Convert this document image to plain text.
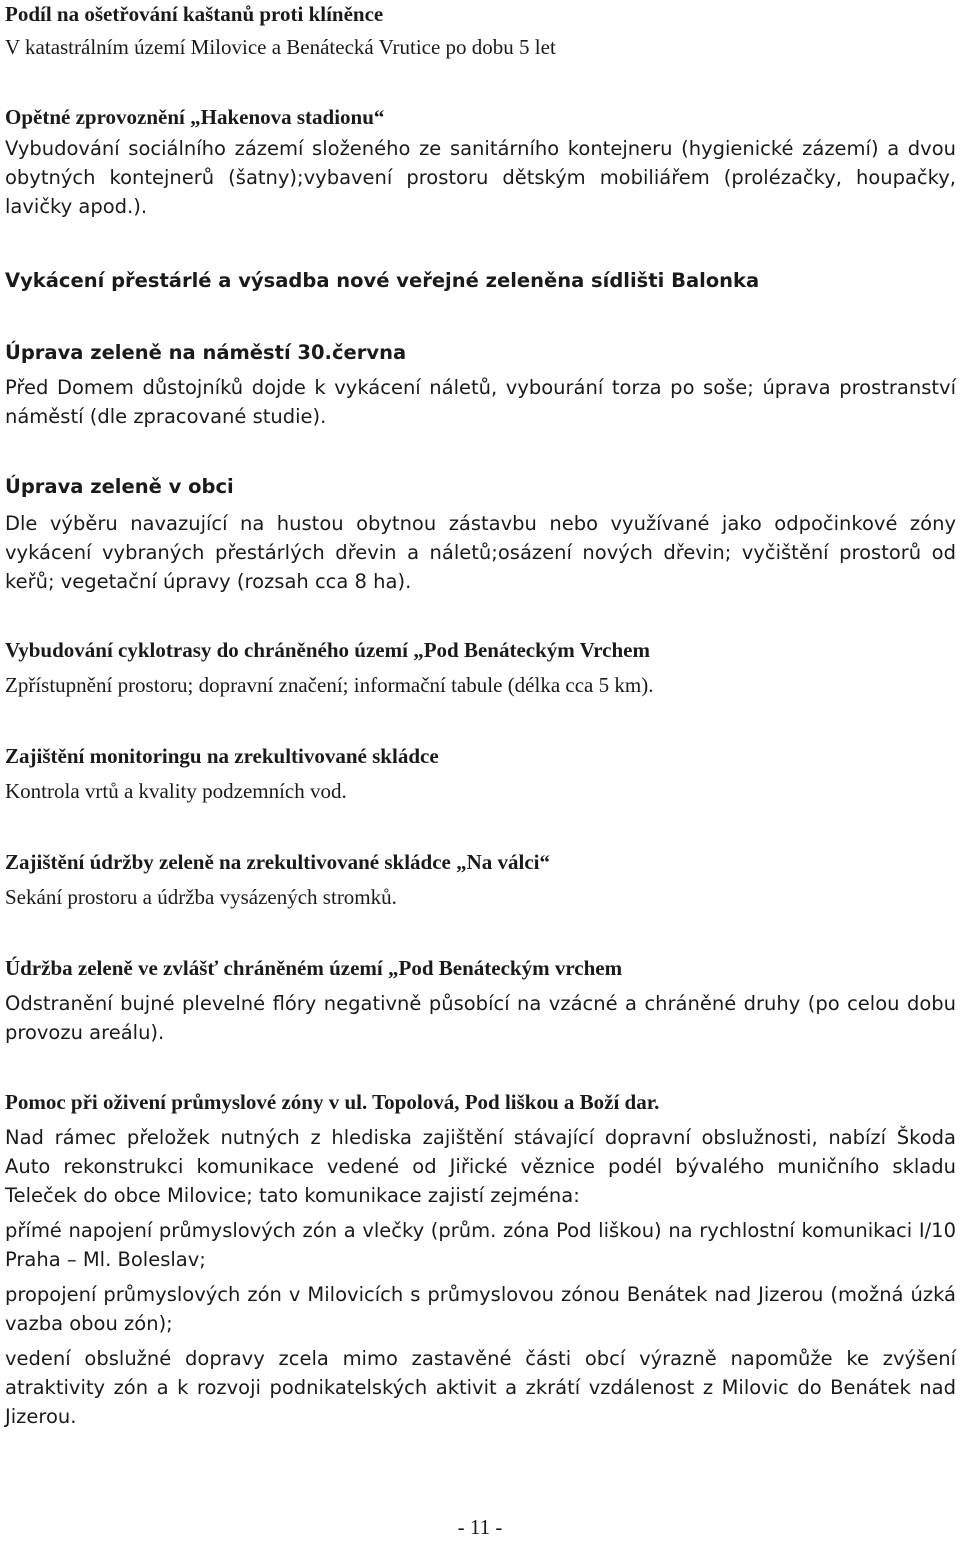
Podíl na ošetřování kaštanů proti klíněnce

V katastrálním území Milovice a Benátecká Vrutice po dobu 5 let

Opětné zprovoznění „Hakenova stadionu“

Vybudování sociálního zázemí složeného ze sanitárního kontejneru (hygienické zázemí) a dvou obytných kontejnerů (šatny);vybavení prostoru dětským mobiliářem (prolézačky, houpačky, lavičky apod.).

Vykácení přestárlé a výsadba nové veřejné zeleněna sídlišti Balonka

Úprava zeleně na náměstí 30.června

Před Domem důstojníků dojde k vykácení náletů, vybourání torza po soše; úprava prostranství náměstí (dle zpracované studie).

Úprava zeleně v obci

Dle výběru navazující na hustou obytnou zástavbu nebo využívané jako odpočinkové zóny vykácení vybraných přestárlých dřevin a náletů;osázení nových dřevin; vyčištění prostorů od keřů; vegetační úpravy (rozsah cca 8 ha).

Vybudování cyklotrasy do chráněného území „Pod Benáteckým Vrchem

Zpřístupnění prostoru; dopravní značení; informační tabule (délka cca 5 km).

Zajištění monitoringu na zrekultivované skládce

Kontrola vrtů a kvality podzemních vod.

Zajištění údržby zeleně na zrekultivované skládce „Na válci“

Sekání prostoru a údržba vysázených stromků.

Údržba zeleně ve zvlášť chráněném území „Pod Benáteckým vrchem

Odstranění bujné plevelné flóry negativně působící na vzácné a chráněné druhy (po celou dobu provozu areálu).

Pomoc při oživení průmyslové zóny v ul. Topolová, Pod liškou a Boží dar.

Nad rámec přeložek nutných z hlediska zajištění stávající dopravní obslužnosti, nabízí Škoda Auto rekonstrukci komunikace vedené od Jiřické věznice podél bývalého muničního skladu Teleček do obce Milovice; tato komunikace zajistí zejména:

přímé napojení průmyslových zón a vlečky (prům. zóna Pod liškou) na rychlostní komunikaci I/10 Praha – Ml. Boleslav;

propojení průmyslových zón v Milovicích s průmyslovou zónou Benátek nad Jizerou (možná úzká vazba obou zón);

vedení obslužné dopravy zcela mimo zastavěné části obcí výrazně napomůže ke zvýšení atraktivity zón a k rozvoji podnikatelských aktivit a zkrátí vzdálenost z Milovic do Benátek nad Jizerou.

- 11 -
